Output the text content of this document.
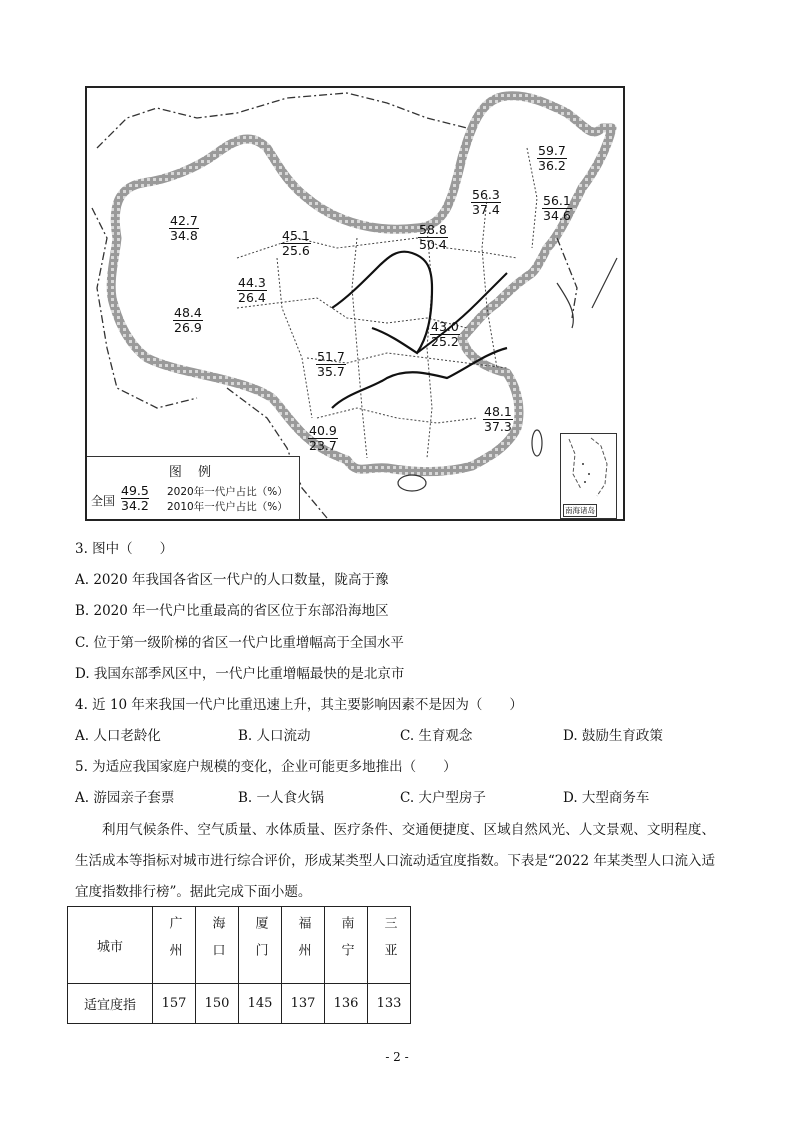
$\frac{59.7}{36.2}$
$\frac{56.3}{37.4}$	$\frac{56.1}{34.6}$
$\frac{42.7}{34.8}$
$\frac{45.1}{25.6}$	$\frac{58.8}{50.4}$
$\frac{44.3}{26.4}$
$\frac{48.4}{26.9}$	$\frac{43.0}{25.2}$
$\frac{51.7}{35.7}$
$\frac{48.1}{37.3}$
$\frac{40.9}{23.7}$
图 例
全国 $\frac{49.5}{34.2} 2020$年一代户占比（%）
2010年一代户占比（%）	南海诸岛
3. 图中（　　）
A. 2020 年我国各省区一代户的人口数量，陇高于豫
B. 2020 年一代户比重最高的省区位于东部沿海地区
C. 位于第一级阶梯的省区一代户比重增幅高于全国水平
D. 我国东部季风区中，一代户比重增幅最快的是北京市
4. 近 10 年来我国一代户比重迅速上升，其主要影响因素不是因为（　　）
A. 人口老龄化	B. 人口流动	C. 生育观念	D. 鼓励生育政策
5. 为适应我国家庭户规模的变化，企业可能更多地推出（　　）
A. 游园亲子套票	B. 一人食火锅	C. 大户型房子	D. 大型商务车
利用气候条件、空气质量、水体质量、医疗条件、交通便捷度、区域自然风光、人文景观、文明程度、生活成本等指标对城市进行综合评价，形成某类型人口流动适宜度指数。下表是“2022 年某类型人口流入适宜度指数排行榜”。据此完成下面小题。
城市	广州	海口	厦门	福州	南宁	三亚
适宜度指	157	150	145	137	136	133
- 2 -
